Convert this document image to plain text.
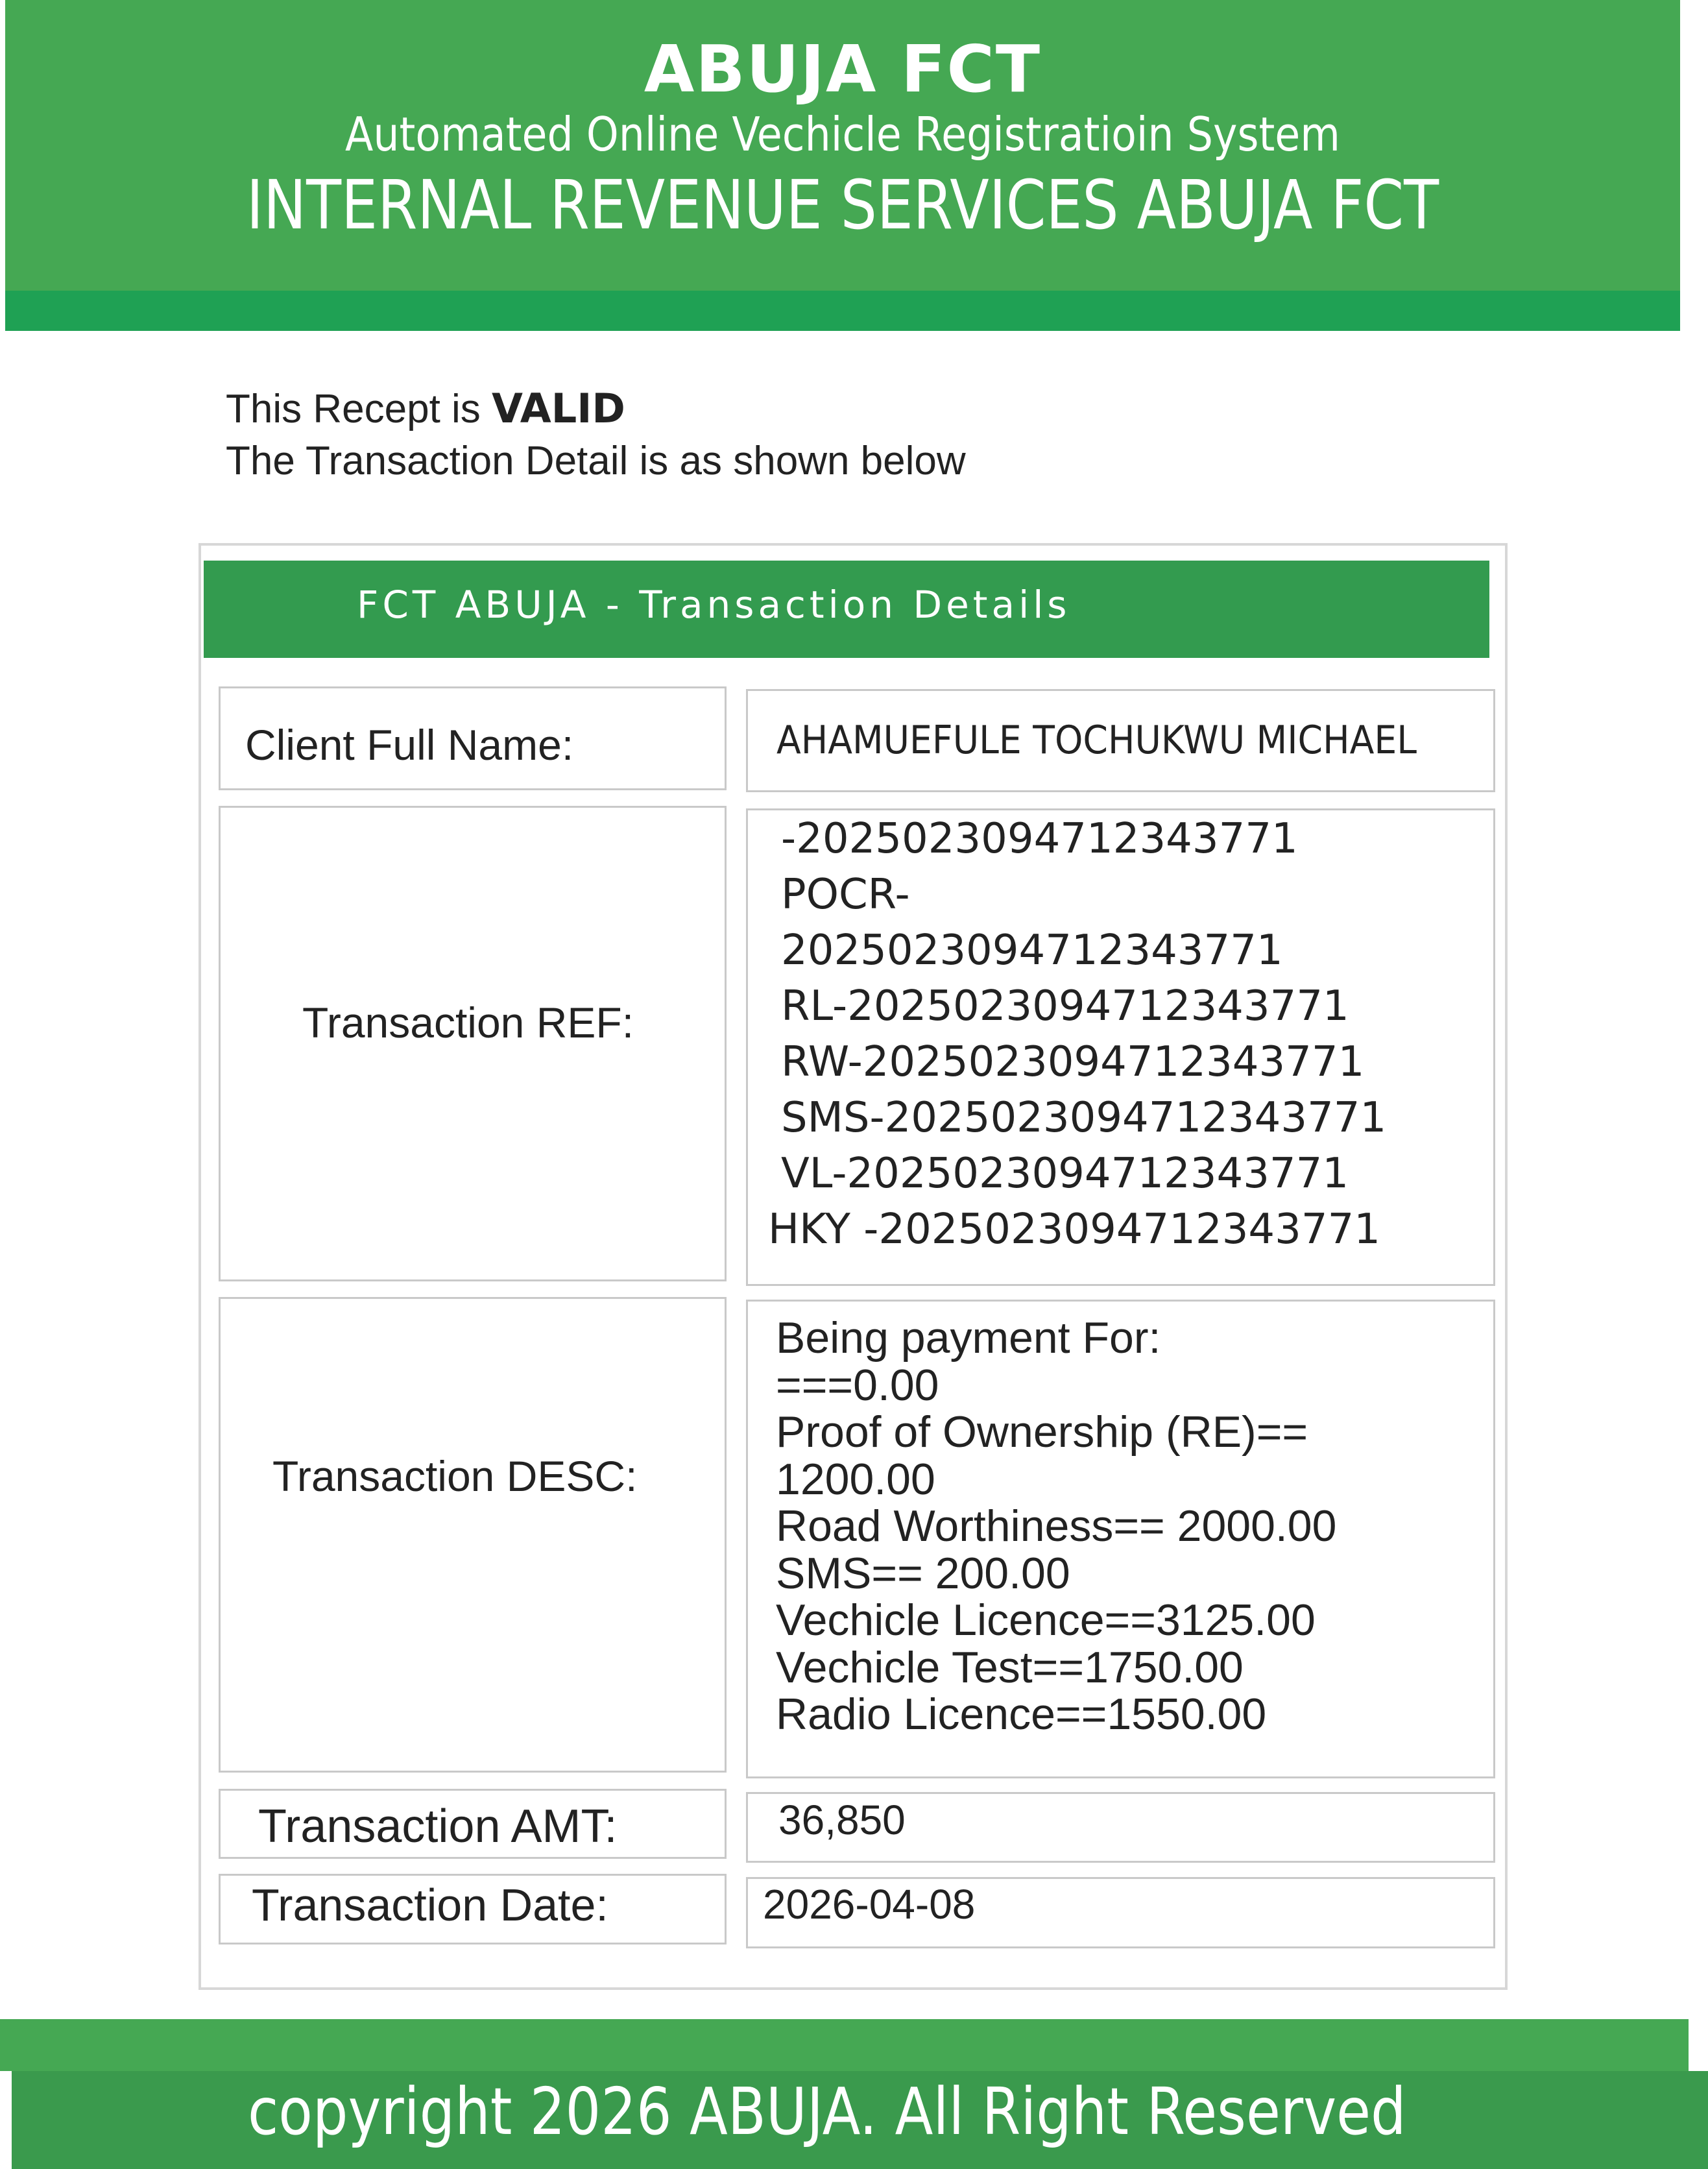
ABUJA FCT
Automated Online Vechicle Registratioin System
INTERNAL REVENUE SERVICES ABUJA FCT
This Recept is VALID
The Transaction Detail is as shown below
FCT ABUJA - Transaction Details
Client Full Name:	AHAMUEFULE TOCHUKWU MICHAEL
Transaction REF:
-2025023094712343771
POCR-
2025023094712343771
RL-2025023094712343771
RW-2025023094712343771
SMS-2025023094712343771
VL-2025023094712343771
HKY -2025023094712343771
Transaction DESC:
Being payment For:
===0.00
Proof of Ownership (RE)==
1200.00
Road Worthiness== 2000.00
SMS== 200.00
Vechicle Licence==3125.00
Vechicle Test==1750.00
Radio Licence==1550.00
Transaction AMT:	36,850
Transaction Date:	2026-04-08
copyright 2026 ABUJA. All Right Reserved
